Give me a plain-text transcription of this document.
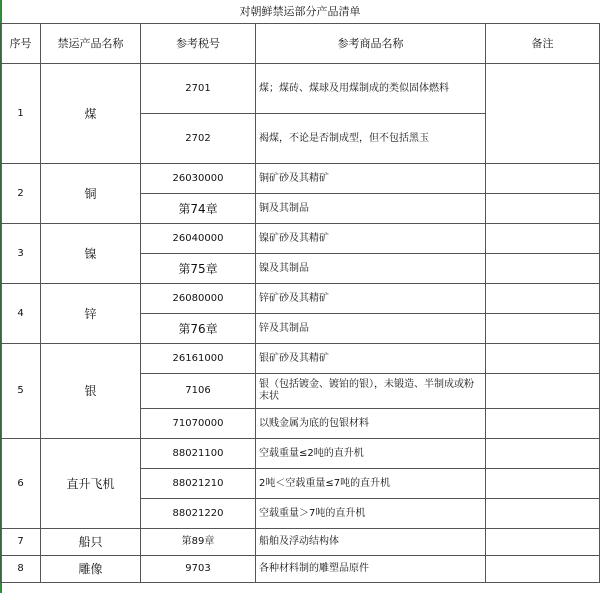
对朝鲜禁运部分产品清单				
序号	禁运产品名称	参考税号	参考商品名称	备注
1	煤	2701	煤；煤砖、煤球及用煤制成的类似固体燃料	
		2702	褐煤，不论是否制成型，但不包括黑玉	
2	铜	26030000	铜矿砂及其精矿	
		第74章	铜及其制品	
3	镍	26040000	镍矿砂及其精矿	
		第75章	镍及其制品	
4	锌	26080000	锌矿砂及其精矿	
		第76章	锌及其制品	
5	银	26161000	银矿砂及其精矿	
		7106	银（包括镀金、镀铂的银），未锻造、半制成或粉末状	
		71070000	以贱金属为底的包银材料	
6	直升飞机	88021100	空载重量≤2吨的直升机	
		88021210	2吨＜空载重量≤7吨的直升机	
		88021220	空载重量＞7吨的直升机	
7	船只	第89章	船舶及浮动结构体	
8	雕像	9703	各种材料制的雕塑品原件	
